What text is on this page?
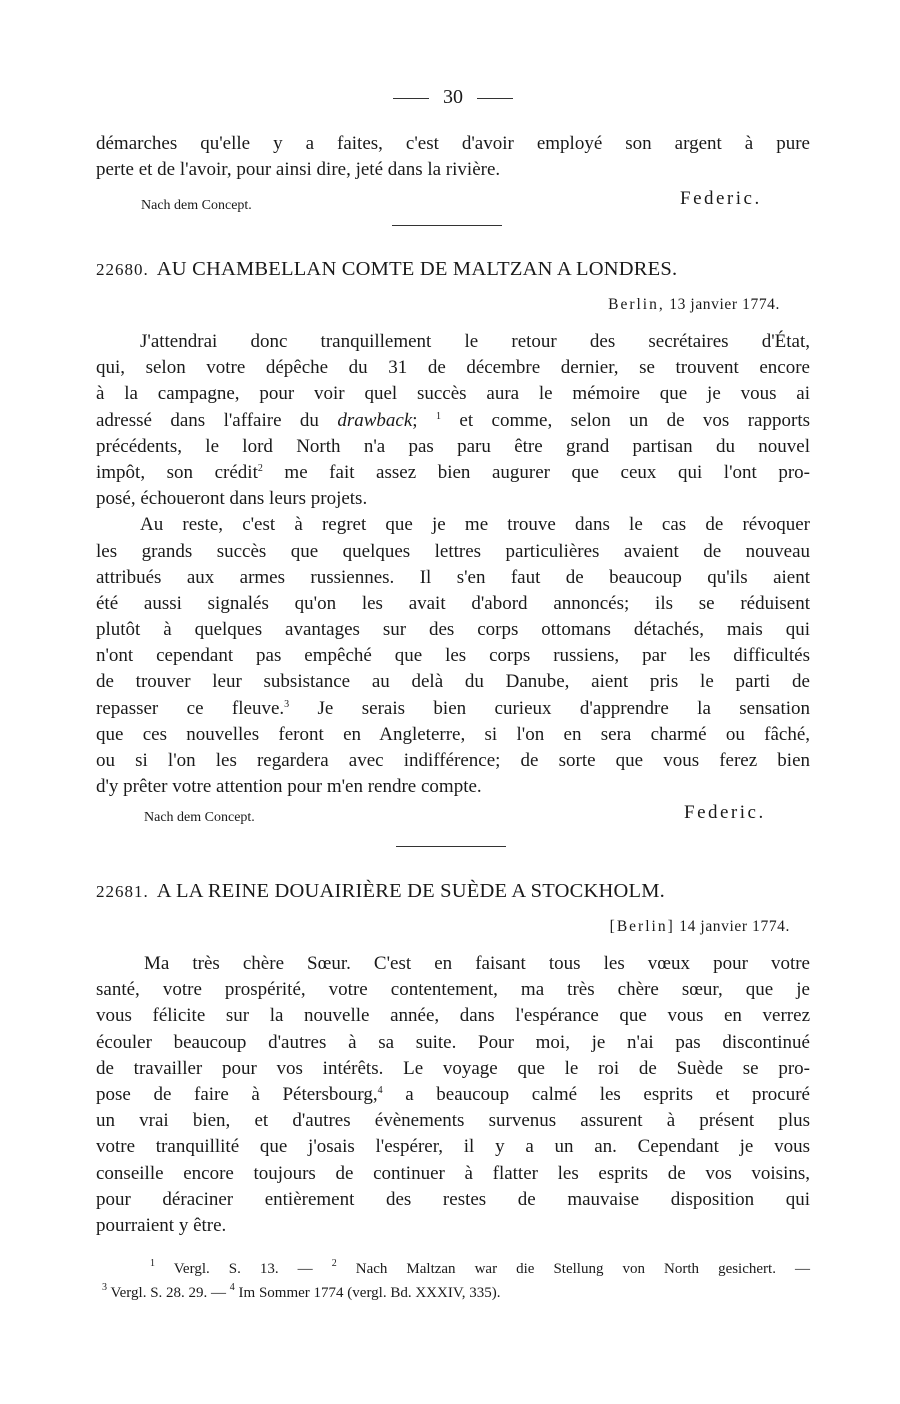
30
démarches qu'elle y a faites, c'est d'avoir employé son argent à pure
perte et de l'avoir, pour ainsi dire, jeté dans la rivière.
Nach dem Concept.	Federic.
22680. AU CHAMBELLAN COMTE DE MALTZAN A LONDRES.
Berlin, 13 janvier 1774.
J'attendrai donc tranquillement le retour des secrétaires d'État,
qui, selon votre dépêche du 31 de décembre dernier, se trouvent encore
à la campagne, pour voir quel succès aura le mémoire que je vous ai
adressé dans l'affaire du drawback; $^1$ et comme, selon un de vos rapports
précédents, le lord North n'a pas paru être grand partisan du nouvel
impôt, son crédit$^2$ me fait assez bien augurer que ceux qui l'ont pro-
posé, échoueront dans leurs projets.
Au reste, c'est à regret que je me trouve dans le cas de révoquer
les grands succès que quelques lettres particulières avaient de nouveau
attribués aux armes russiennes. Il s'en faut de beaucoup qu'ils aient
été aussi signalés qu'on les avait d'abord annoncés; ils se réduisent
plutôt à quelques avantages sur des corps ottomans détachés, mais qui
n'ont cependant pas empêché que les corps russiens, par les difficultés
de trouver leur subsistance au delà du Danube, aient pris le parti de
repasser ce fleuve.$^3$ Je serais bien curieux d'apprendre la sensation
que ces nouvelles feront en Angleterre, si l'on en sera charmé ou fâché,
ou si l'on les regardera avec indifférence; de sorte que vous ferez bien
d'y prêter votre attention pour m'en rendre compte.
Nach dem Concept.	Federic.
22681. A LA REINE DOUAIRIÈRE DE SUÈDE A STOCKHOLM.
[Berlin] 14 janvier 1774.
Ma très chère Sœur. C'est en faisant tous les vœux pour votre
santé, votre prospérité, votre contentement, ma très chère sœur, que je
vous félicite sur la nouvelle année, dans l'espérance que vous en verrez
écouler beaucoup d'autres à sa suite. Pour moi, je n'ai pas discontinué
de travailler pour vos intérêts. Le voyage que le roi de Suède se pro-
pose de faire à Pétersbourg,$^4$ a beaucoup calmé les esprits et procuré
un vrai bien, et d'autres évènements survenus assurent à présent plus
votre tranquillité que j'osais l'espérer, il y a un an. Cependant je vous
conseille encore toujours de continuer à flatter les esprits de vos voisins,
pour déraciner entièrement des restes de mauvaise disposition qui
pourraient y être.
$^1$ Vergl. S. 13. — $^2$ Nach Maltzan war die Stellung von North gesichert. —
$^3$ Vergl. S. 28. 29. — $^4$ Im Sommer 1774 (vergl. Bd. XXXIV, 335).
